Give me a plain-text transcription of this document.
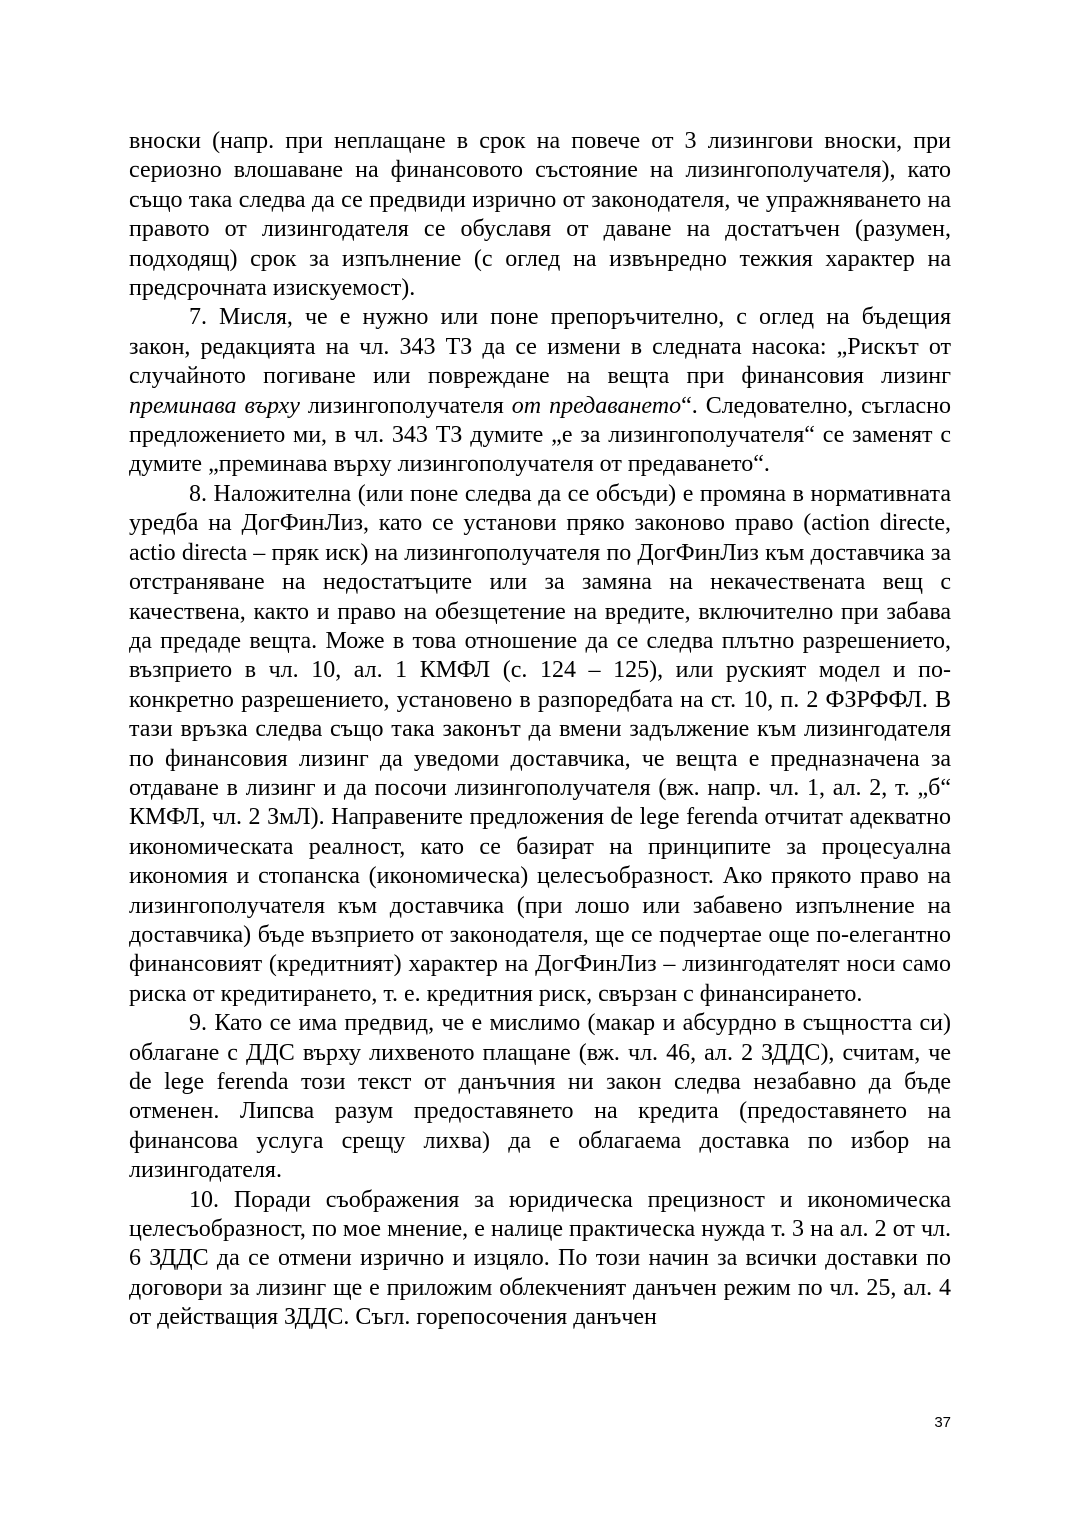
вноски (напр. при неплащане в срок на повече от 3 лизингови вноски, при сериозно влошаване на финансовото състояние на лизингополучателя), като също така следва да се предвиди изрично от законодателя, че упражняването на правото от лизингодателя се обуславя от даване на достатъчен (разумен, подходящ) срок за изпълнение (с оглед на извънредно тежкия характер на предсрочната изискуемост).

7. Мисля, че е нужно или поне препоръчително, с оглед на бъдещия закон, редакцията на чл. 343 ТЗ да се измени в следната насока: „Рискът от случайното погиване или повреждане на вещта при финансовия лизинг преминава върху лизингополучателя от предаването“. Следователно, съгласно предложението ми, в чл. 343 ТЗ думите „е за лизингополучателя“ се заменят с думите „преминава върху лизингополучателя от предаването“.

8. Наложителна (или поне следва да се обсъди) е промяна в нормативната уредба на ДогФинЛиз, като се установи пряко законово право (action directe, actio directa – пряк иск) на лизингополучателя по ДогФинЛиз към доставчика за отстраняване на недостатъците или за замяна на некачествената вещ с качествена, както и право на обезщетение на вредите, включително при забава да предаде вещта. Може в това отношение да се следва плътно разрешението, възприето в чл. 10, ал. 1 КМФЛ (с. 124 – 125), или руският модел и по-конкретно разрешението, установено в разпоредбата на ст. 10, п. 2 ФЗРФФЛ. В тази връзка следва също така законът да вмени задължение към лизингодателя по финансовия лизинг да уведоми доставчика, че вещта е предназначена за отдаване в лизинг и да посочи лизингополучателя (вж. напр. чл. 1, ал. 2, т. „б“ КМФЛ, чл. 2 ЗмЛ). Направените предложения de lege ferenda отчитат адекватно икономическата реалност, като се базират на принципите за процесуална икономия и стопанска (икономическа) целесъобразност. Ако прякото право на лизингополучателя към доставчика (при лошо или забавено изпълнение на доставчика) бъде възприето от законодателя, ще се подчертае още по-елегантно финансовият (кредитният) характер на ДогФинЛиз – лизингодателят носи само риска от кредитирането, т. е. кредитния риск, свързан с финансирането.

9. Като се има предвид, че е мислимо (макар и абсурдно в същността си) облагане с ДДС върху лихвеното плащане (вж. чл. 46, ал. 2 ЗДДС), считам, че de lege ferenda този текст от данъчния ни закон следва незабавно да бъде отменен. Липсва разум предоставянето на кредита (предоставянето на финансова услуга срещу лихва) да е облагаема доставка по избор на лизингодателя.

10. Поради съображения за юридическа прецизност и икономическа целесъобразност, по мое мнение, е налице практическа нужда т. 3 на ал. 2 от чл. 6 ЗДДС да се отмени изрично и изцяло. По този начин за всички доставки по договори за лизинг ще е приложим облекченият данъчен режим по чл. 25, ал. 4 от действащия ЗДДС. Съгл. горепосочения данъчен

37
